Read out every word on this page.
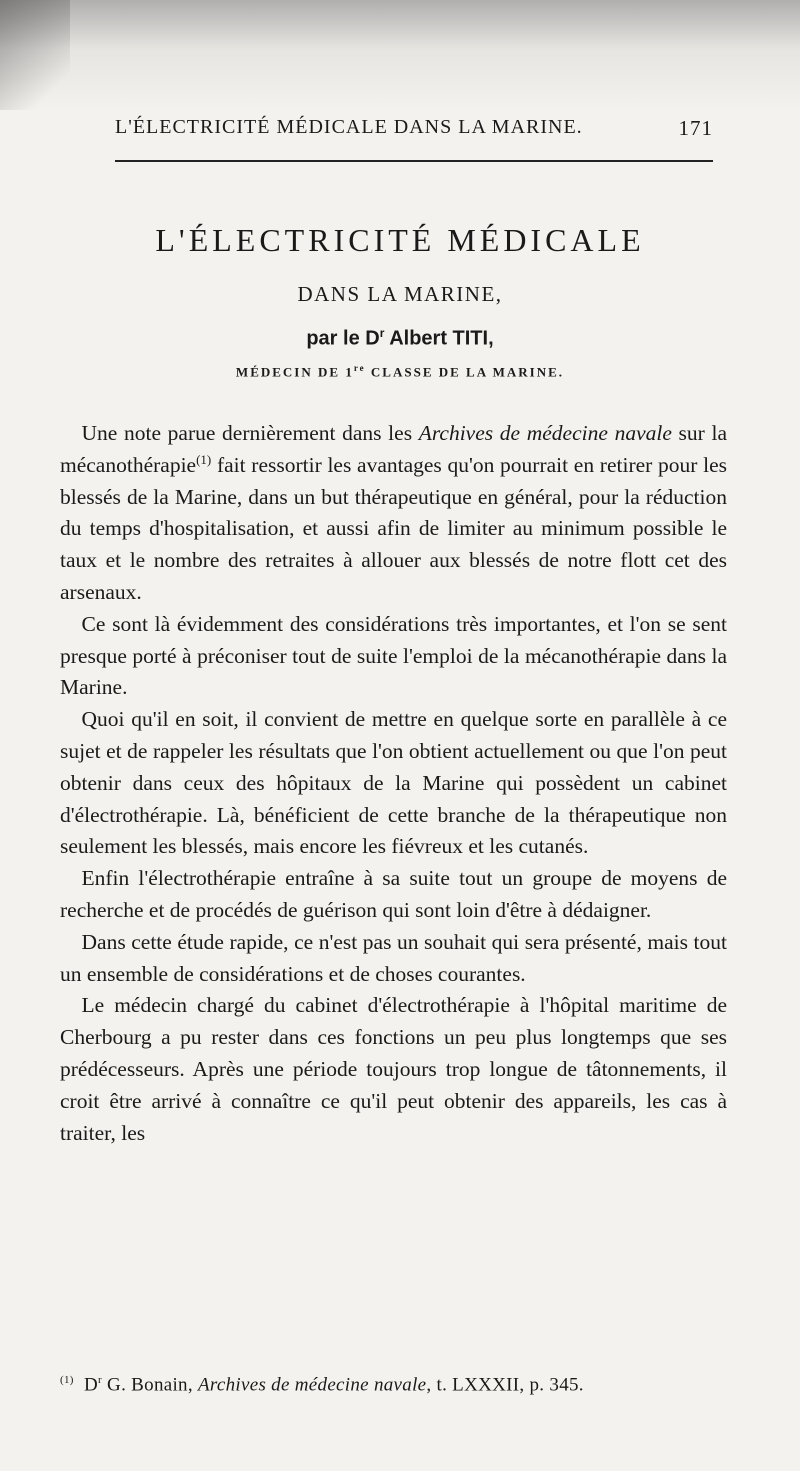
L'ÉLECTRICITÉ MÉDICALE DANS LA MARINE.	171
L'ÉLECTRICITÉ MÉDICALE
DANS LA MARINE,
par le $D^r$ Albert TITI,
MÉDECIN DE 1re CLASSE DE LA MARINE.

 Une note parue dernièrement dans les Archives de médecine navale sur la mécanothérapie$^{(1)}$ fait ressortir les avantages qu'on pourrait en retirer pour les blessés de la Marine, dans un but thérapeutique en général, pour la réduction du temps d'hospitalisation, et aussi afin de limiter au minimum possible le taux et le nombre des retraites à allouer aux blessés de notre flott cet des arsenaux.

 Ce sont là évidemment des considérations très importantes, et l'on se sent presque porté à préconiser tout de suite l'emploi de la mécanothérapie dans la Marine.

 Quoi qu'il en soit, il convient de mettre en quelque sorte en parallèle à ce sujet et de rappeler les résultats que l'on obtient actuellement ou que l'on peut obtenir dans ceux des hôpitaux de la Marine qui possèdent un cabinet d'électrothérapie. Là, bénéficient de cette branche de la thérapeutique non seulement les blessés, mais encore les fiévreux et les cutanés.

 Enfin l'électrothérapie entraîne à sa suite tout un groupe de moyens de recherche et de procédés de guérison qui sont loin d'être à dédaigner.

 Dans cette étude rapide, ce n'est pas un souhait qui sera présenté, mais tout un ensemble de considérations et de choses courantes.

 Le médecin chargé du cabinet d'électrothérapie à l'hôpital maritime de Cherbourg a pu rester dans ces fonctions un peu plus longtemps que ses prédécesseurs. Après une période toujours trop longue de tâtonnements, il croit être arrivé à connaître ce qu'il peut obtenir des appareils, les cas à traiter, les

(1) $D^r$ G. Bonain, Archives de médecine navale, t. LXXXII, p. 345.
